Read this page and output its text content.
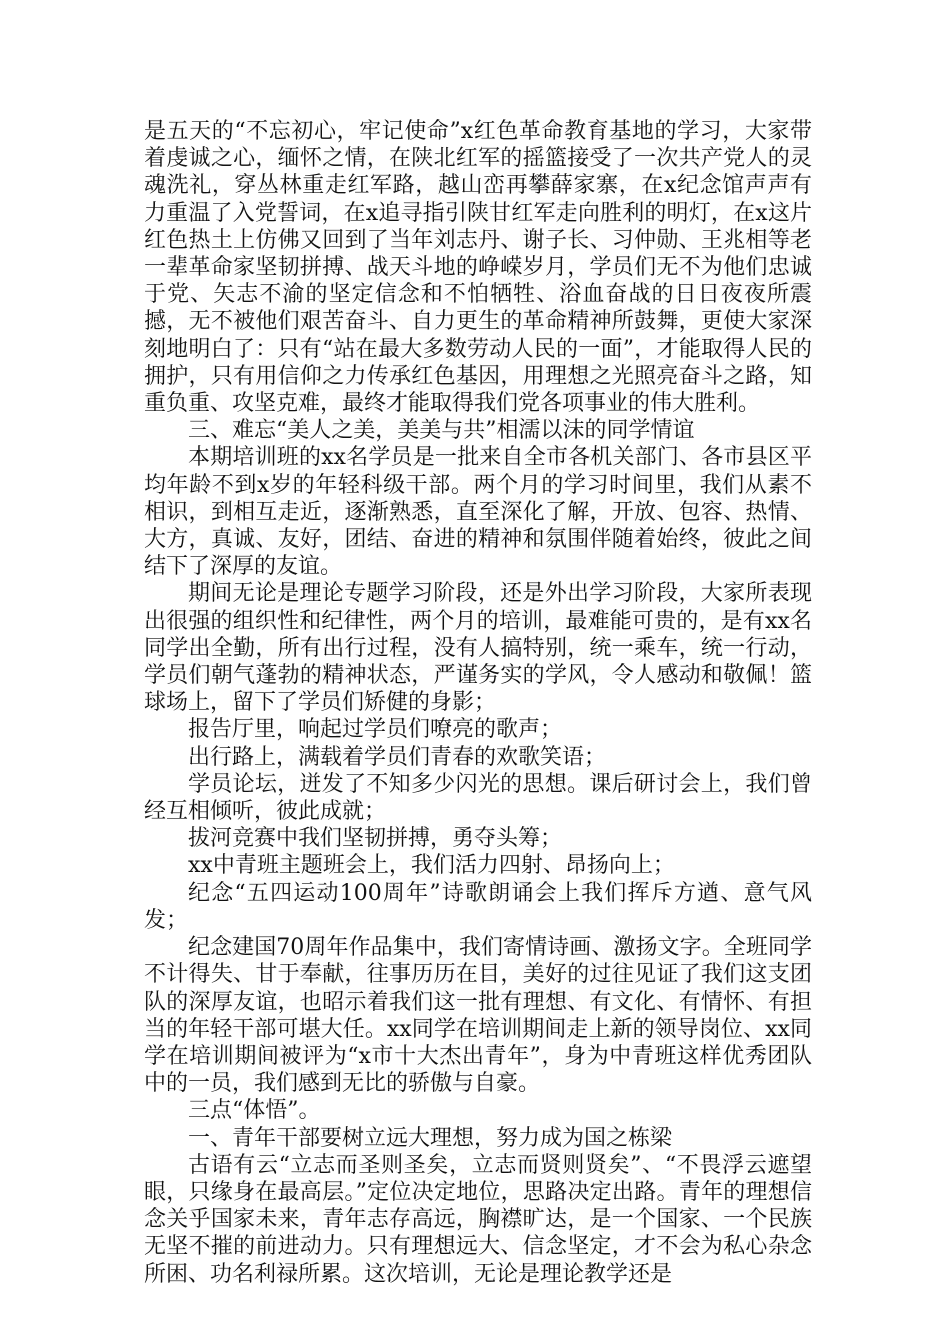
是五天的“不忘初心，牢记使命”x红色革命教育基地的学习，大家带着虔诚之心，缅怀之情，在陕北红军的摇篮接受了一次共产党人的灵魂洗礼，穿丛林重走红军路，越山峦再攀薛家寨，在x纪念馆声声有力重温了入党誓词，在x追寻指引陕甘红军走向胜利的明灯，在x这片红色热土上仿佛又回到了当年刘志丹、谢子长、习仲勋、王兆相等老一辈革命家坚韧拼搏、战天斗地的峥嵘岁月，学员们无不为他们忠诚于党、矢志不渝的坚定信念和不怕牺牲、浴血奋战的日日夜夜所震撼，无不被他们艰苦奋斗、自力更生的革命精神所鼓舞，更使大家深刻地明白了：只有“站在最大多数劳动人民的一面”，才能取得人民的拥护，只有用信仰之力传承红色基因，用理想之光照亮奋斗之路，知重负重、攻坚克难，最终才能取得我们党各项事业的伟大胜利。

三、难忘“美人之美，美美与共”相濡以沫的同学情谊

本期培训班的xx名学员是一批来自全市各机关部门、各市县区平均年龄不到x岁的年轻科级干部。两个月的学习时间里，我们从素不相识，到相互走近，逐渐熟悉，直至深化了解，开放、包容、热情、大方，真诚、友好，团结、奋进的精神和氛围伴随着始终，彼此之间结下了深厚的友谊。

期间无论是理论专题学习阶段，还是外出学习阶段，大家所表现出很强的组织性和纪律性，两个月的培训，最难能可贵的，是有xx名同学出全勤，所有出行过程，没有人搞特别，统一乘车，统一行动，学员们朝气蓬勃的精神状态，严谨务实的学风，令人感动和敬佩！篮球场上，留下了学员们矫健的身影；

报告厅里，响起过学员们嘹亮的歌声；

出行路上，满载着学员们青春的欢歌笑语；

学员论坛，迸发了不知多少闪光的思想。课后研讨会上，我们曾经互相倾听，彼此成就；

拔河竞赛中我们坚韧拼搏，勇夺头筹；

xx中青班主题班会上，我们活力四射、昂扬向上；

纪念“五四运动100周年”诗歌朗诵会上我们挥斥方遒、意气风发；

纪念建国70周年作品集中，我们寄情诗画、激扬文字。全班同学不计得失、甘于奉献，往事历历在目，美好的过往见证了我们这支团队的深厚友谊，也昭示着我们这一批有理想、有文化、有情怀、有担当的年轻干部可堪大任。xx同学在培训期间走上新的领导岗位、xx同学在培训期间被评为“x市十大杰出青年”，身为中青班这样优秀团队中的一员，我们感到无比的骄傲与自豪。

三点“体悟”。

一、青年干部要树立远大理想，努力成为国之栋梁

古语有云“立志而圣则圣矣，立志而贤则贤矣”、“不畏浮云遮望眼，只缘身在最高层。”定位决定地位，思路决定出路。青年的理想信念关乎国家未来，青年志存高远，胸襟旷达，是一个国家、一个民族无坚不摧的前进动力。只有理想远大、信念坚定，才不会为私心杂念所困、功名利禄所累。这次培训，无论是理论教学还是
